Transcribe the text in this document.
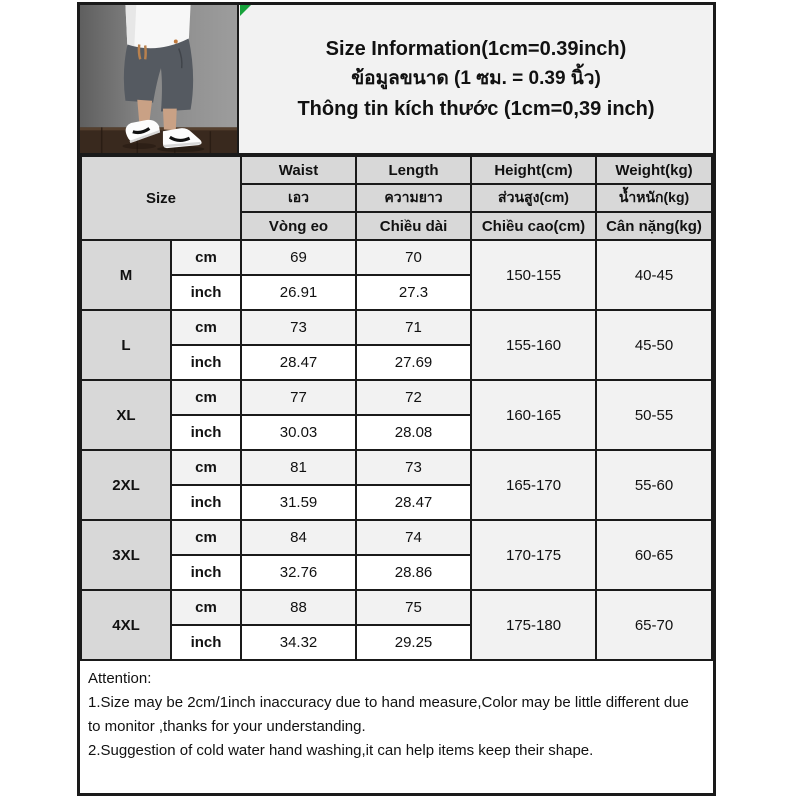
Size Information(1cm=0.39inch)
ข้อมูลขนาด (1 ซม. = 0.39 นิ้ว)
Thông tin kích thước (1cm=0,39 inch)
Size		Waist	Length	Height(cm)	Weight(kg)
		เอว	ความยาว	ส่วนสูง(cm)	น้ำหนัก(kg)
		Vòng eo	Chiều dài	Chiều cao(cm)	Cân nặng(kg)
M	cm	69	70	150-155	40-45
	inch	26.91	27.3		
L	cm	73	71	155-160	45-50
	inch	28.47	27.69		
XL	cm	77	72	160-165	50-55
	inch	30.03	28.08		
2XL	cm	81	73	165-170	55-60
	inch	31.59	28.47		
3XL	cm	84	74	170-175	60-65
	inch	32.76	28.86		
4XL	cm	88	75	175-180	65-70
	inch	34.32	29.25		
Attention:
1.Size may be 2cm/1inch inaccuracy due to hand measure,Color may be little different due to monitor ,thanks for your understanding.
2.Suggestion of cold water hand washing,it can help items keep their shape.
